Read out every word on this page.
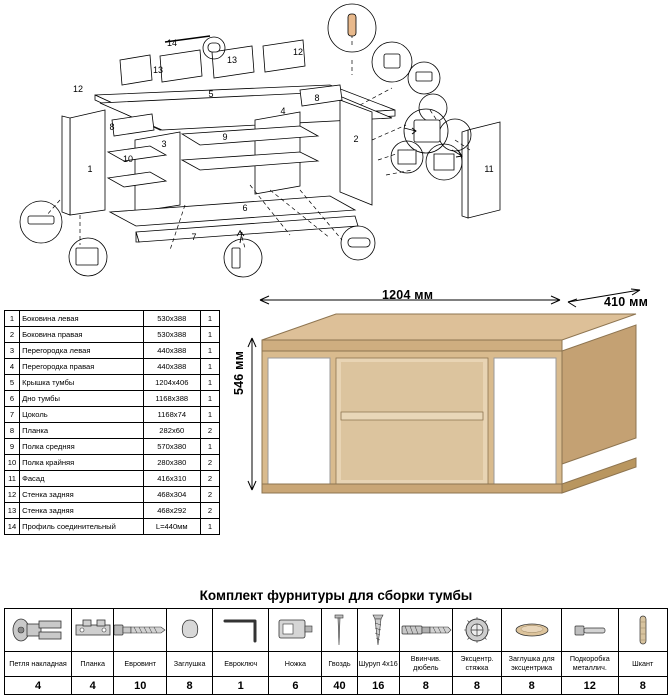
14
13
13
12
12	5
4
8
8
3
9
10
1
2
6
7
11
1	Боковина левая	530x388	1
2	Боковина правая	530x388	1
3	Перегородка левая	440x388	1
4	Перегородка правая	440x388	1
5	Крышка тумбы	1204x406	1
6	Дно тумбы	1168x388	1
7	Цоколь	1168x74	1
8	Планка	282x60	2
9	Полка средняя	570x380	1
10	Полка крайняя	280x380	2
11	Фасад	416x310	2
12	Стенка задняя	468x304	2
13	Стенка задняя	468x292	2
14	Профиль соединительный	L=440мм	1
1204 мм	410 мм
546 мм
Комплект фурнитуры для сборки тумбы

Петля накладная	Планка	Евровинт	Заглушка	Евроключ	Ножка	Гвоздь	Шуруп 4x16	Ввинчив. дюбель	Эксцентр. стяжка	Заглушка для эксцентрика	Подкоробка металлич.	Шкант
4	4	10	8	1	6	40	16	8	8	8	12	8
